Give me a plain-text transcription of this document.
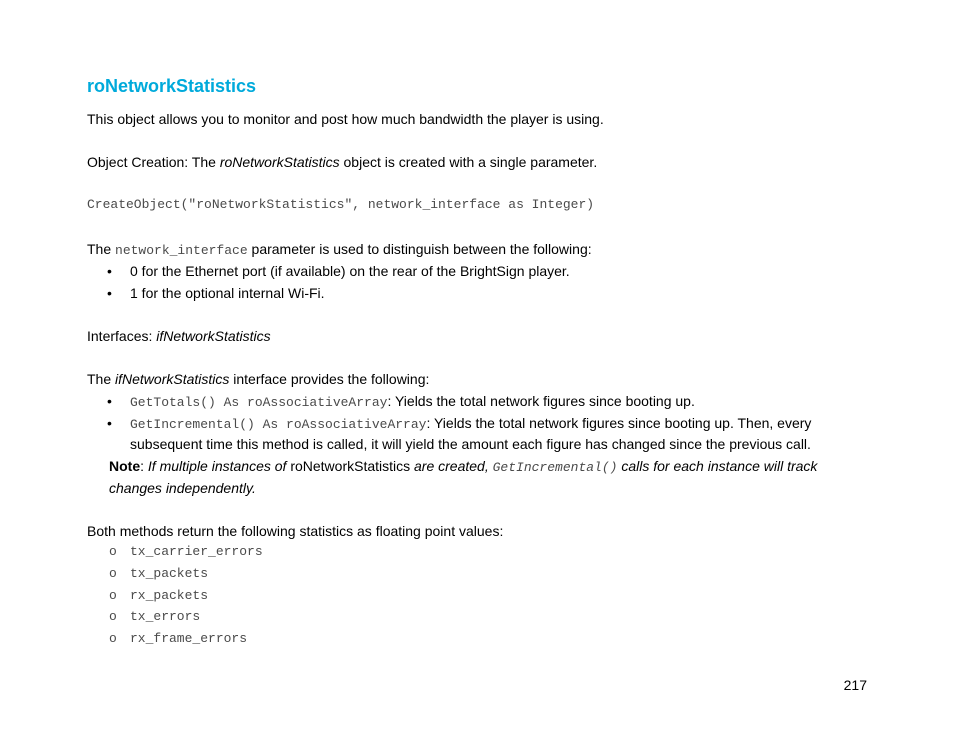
roNetworkStatistics
This object allows you to monitor and post how much bandwidth the player is using.
Object Creation: The roNetworkStatistics object is created with a single parameter.
CreateObject("roNetworkStatistics", network_interface as Integer)
The network_interface parameter is used to distinguish between the following:
•	0 for the Ethernet port (if available) on the rear of the BrightSign player.
•	1 for the optional internal Wi-Fi.
Interfaces: ifNetworkStatistics
The ifNetworkStatistics interface provides the following:
•	GetTotals() As roAssociativeArray: Yields the total network figures since booting up.
•	GetIncremental() As roAssociativeArray: Yields the total network figures since booting up. Then, every
subsequent time this method is called, it will yield the amount each figure has changed since the previous call.
Note: If multiple instances of roNetworkStatistics are created, GetIncremental() calls for each instance will track
changes independently.
Both methods return the following statistics as floating point values:
o tx_carrier_errors
o tx_packets
o rx_packets
o tx_errors
o rx_frame_errors
217
